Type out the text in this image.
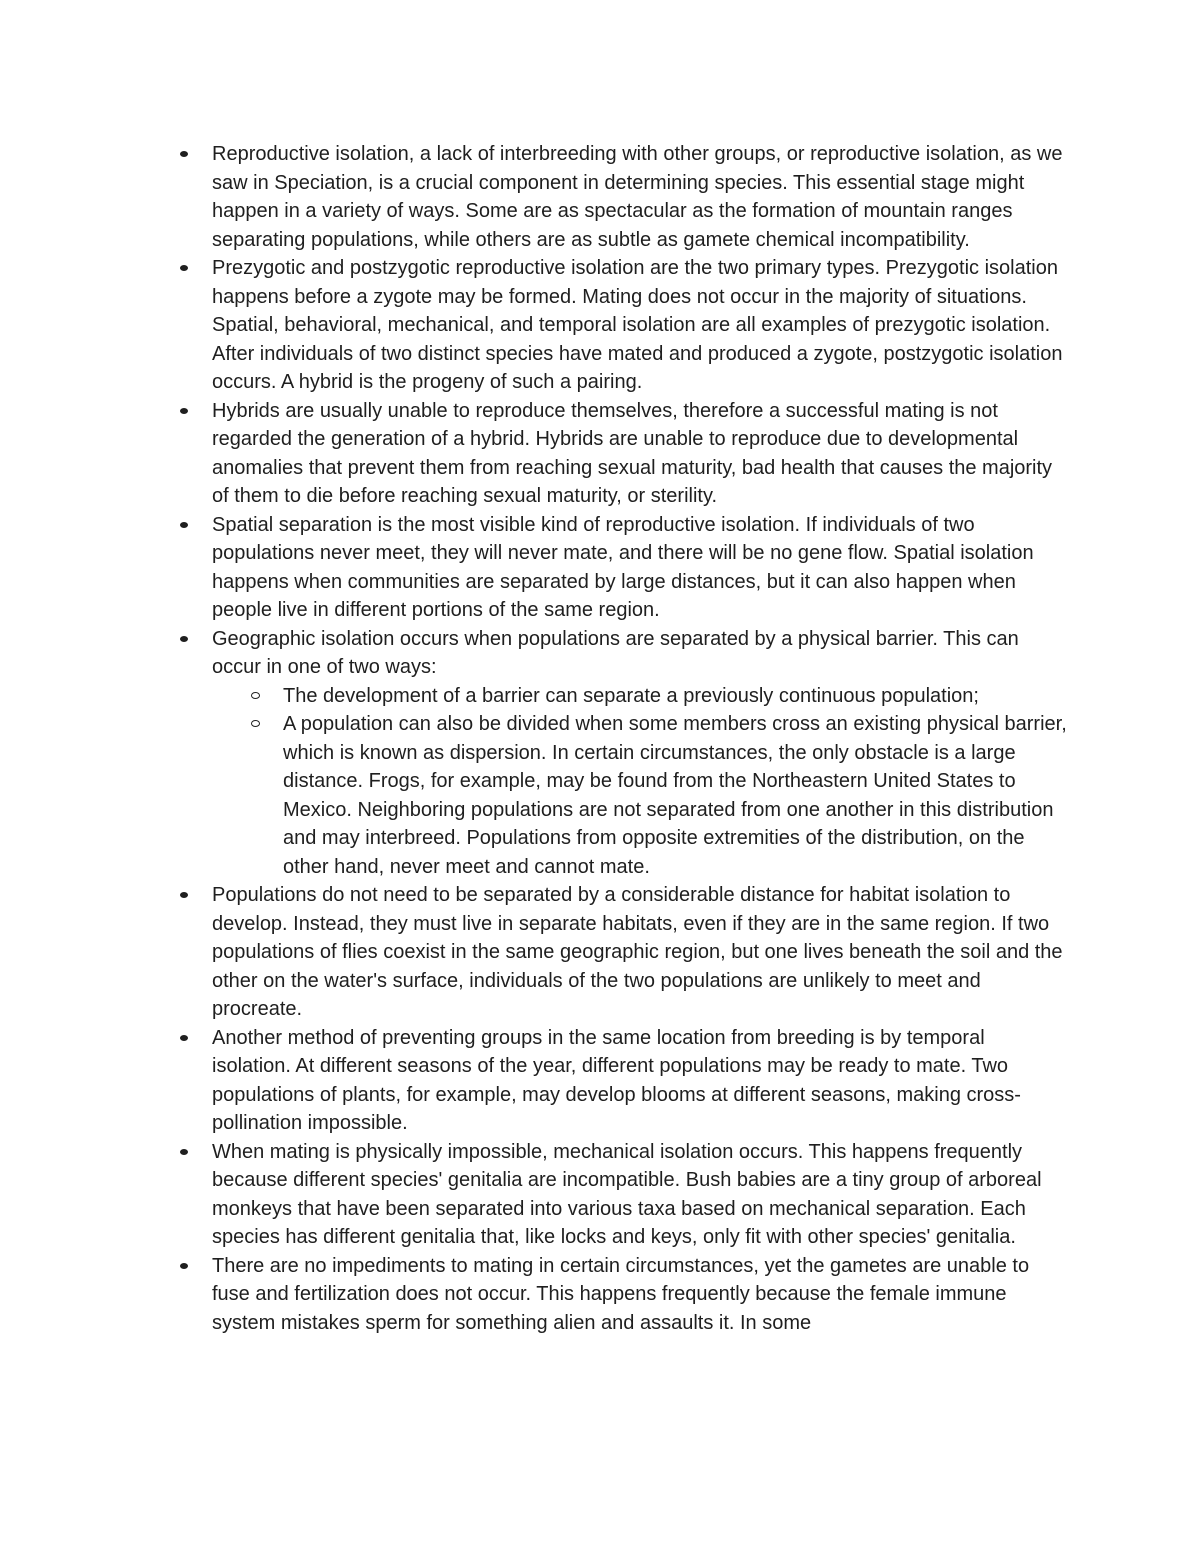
Reproductive isolation, a lack of interbreeding with other groups, or reproductive isolation, as we saw in Speciation, is a crucial component in determining species. This essential stage might happen in a variety of ways. Some are as spectacular as the formation of mountain ranges separating populations, while others are as subtle as gamete chemical incompatibility.
Prezygotic and postzygotic reproductive isolation are the two primary types. Prezygotic isolation happens before a zygote may be formed. Mating does not occur in the majority of situations. Spatial, behavioral, mechanical, and temporal isolation are all examples of prezygotic isolation. After individuals of two distinct species have mated and produced a zygote, postzygotic isolation occurs. A hybrid is the progeny of such a pairing.
Hybrids are usually unable to reproduce themselves, therefore a successful mating is not regarded the generation of a hybrid. Hybrids are unable to reproduce due to developmental anomalies that prevent them from reaching sexual maturity, bad health that causes the majority of them to die before reaching sexual maturity, or sterility.
Spatial separation is the most visible kind of reproductive isolation. If individuals of two populations never meet, they will never mate, and there will be no gene flow. Spatial isolation happens when communities are separated by large distances, but it can also happen when people live in different portions of the same region.
Geographic isolation occurs when populations are separated by a physical barrier. This can occur in one of two ways:
The development of a barrier can separate a previously continuous population;
A population can also be divided when some members cross an existing physical barrier, which is known as dispersion. In certain circumstances, the only obstacle is a large distance. Frogs, for example, may be found from the Northeastern United States to Mexico. Neighboring populations are not separated from one another in this distribution and may interbreed. Populations from opposite extremities of the distribution, on the other hand, never meet and cannot mate.
Populations do not need to be separated by a considerable distance for habitat isolation to develop. Instead, they must live in separate habitats, even if they are in the same region. If two populations of flies coexist in the same geographic region, but one lives beneath the soil and the other on the water's surface, individuals of the two populations are unlikely to meet and procreate.
Another method of preventing groups in the same location from breeding is by temporal isolation. At different seasons of the year, different populations may be ready to mate. Two populations of plants, for example, may develop blooms at different seasons, making cross-pollination impossible.
When mating is physically impossible, mechanical isolation occurs. This happens frequently because different species' genitalia are incompatible. Bush babies are a tiny group of arboreal monkeys that have been separated into various taxa based on mechanical separation. Each species has different genitalia that, like locks and keys, only fit with other species' genitalia.
There are no impediments to mating in certain circumstances, yet the gametes are unable to fuse and fertilization does not occur. This happens frequently because the female immune system mistakes sperm for something alien and assaults it. In some
